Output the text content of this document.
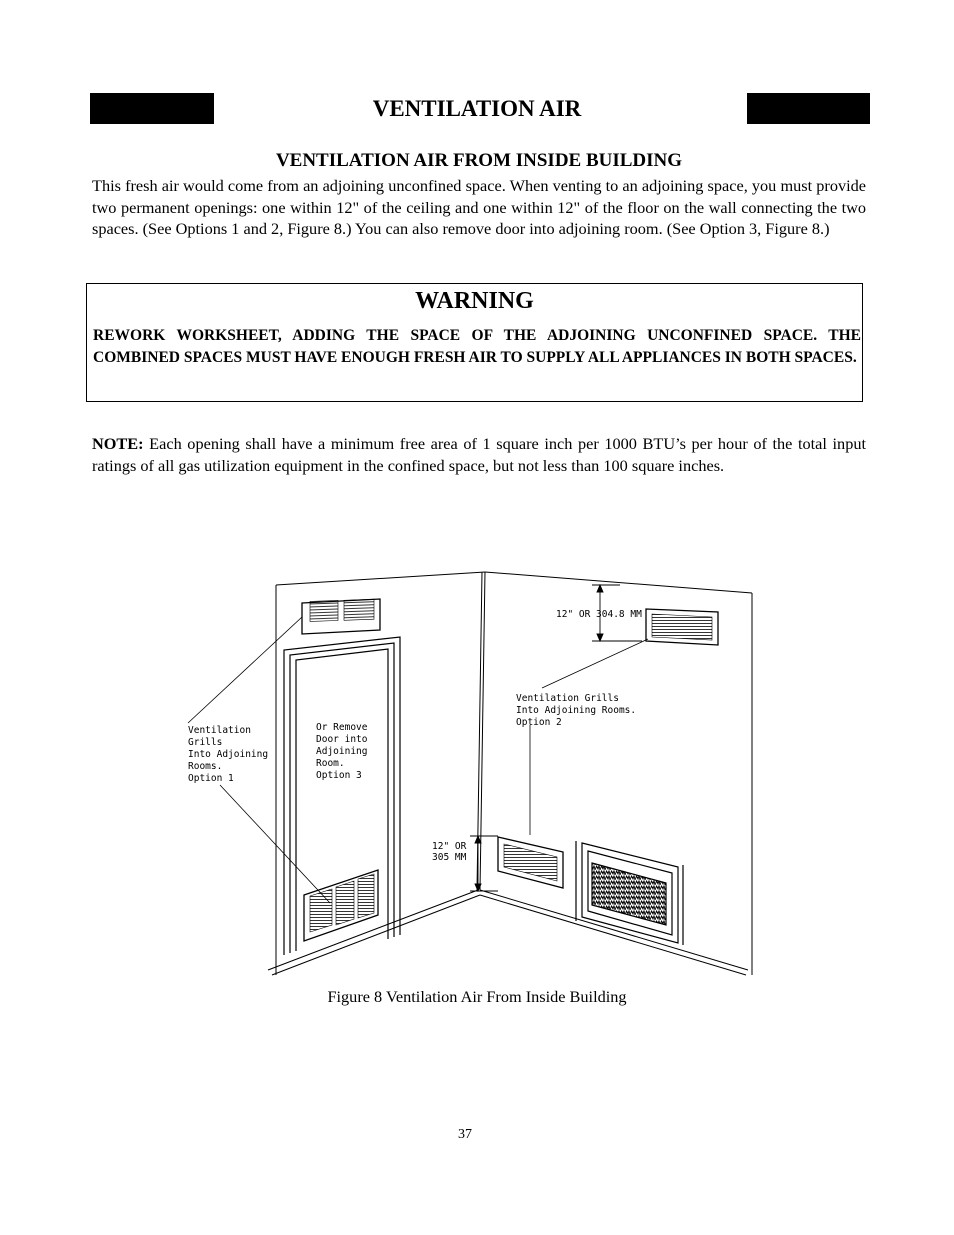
VENTILATION AIR
VENTILATION AIR FROM INSIDE BUILDING
This fresh air would come from an adjoining unconfined space. When venting to an adjoining space, you must provide two permanent openings: one within 12" of the ceiling and one within 12" of the floor on the wall connecting the two spaces. (See Options 1 and 2, Figure 8.) You can also remove door into adjoining room. (See Option 3, Figure 8.)
WARNING
REWORK WORKSHEET, ADDING THE SPACE OF THE ADJOINING UNCONFINED SPACE. THE COMBINED SPACES MUST HAVE ENOUGH FRESH AIR TO SUPPLY ALL APPLIANCES IN BOTH SPACES.
NOTE: Each opening shall have a minimum free area of 1 square inch per 1000 BTU’s per hour of the total input ratings of all gas utilization equipment in the confined space, but not less than 100 square inches.
Ventilation
Grills
Into Adjoining
Rooms.
Option 1
Or Remove
Door into
Adjoining
Room.
Option 3
Ventilation Grills
Into Adjoining Rooms.
Option 2
12" OR 304.8 MM
12" OR
305 MM
Figure 8 Ventilation Air From Inside Building
37
